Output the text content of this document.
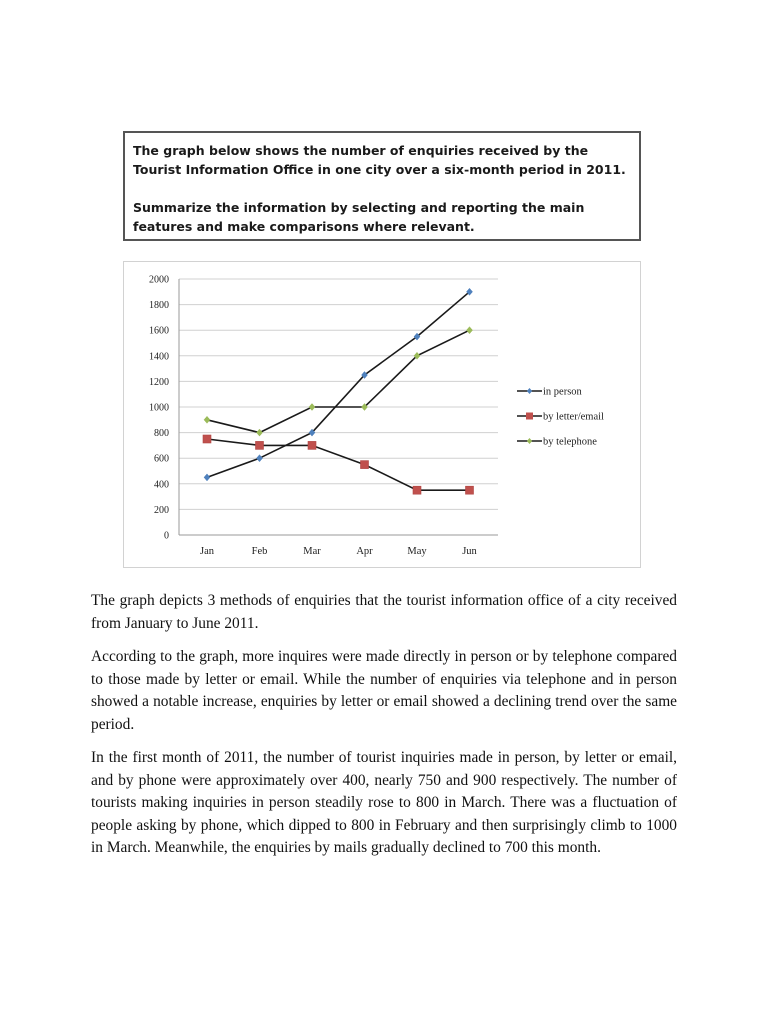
The graph below shows the number of enquiries received by the Tourist Information Office in one city over a six-month period in 2011.

Summarize the information by selecting and reporting the main features and make comparisons where relevant.

0
200
400
600
800
1000
1200
1400
1600
1800
2000
Jan	Feb	Mar	Apr	May	Jun
in person
by letter/email
by telephone

The graph depicts 3 methods of enquiries that the tourist information office of a city received from January to June 2011.

According to the graph, more inquires were made directly in person or by telephone compared to those made by letter or email. While the number of enquiries via telephone and in person showed a notable increase, enquiries by letter or email showed a declining trend over the same period.

In the first month of 2011, the number of tourist inquiries made in person, by letter or email, and by phone were approximately over 400, nearly 750 and 900 respectively. The number of tourists making inquiries in person steadily rose to 800 in March. There was a fluctuation of people asking by phone, which dipped to 800 in February and then surprisingly climb to 1000 in March. Meanwhile, the enquiries by mails gradually declined to 700 this month.
